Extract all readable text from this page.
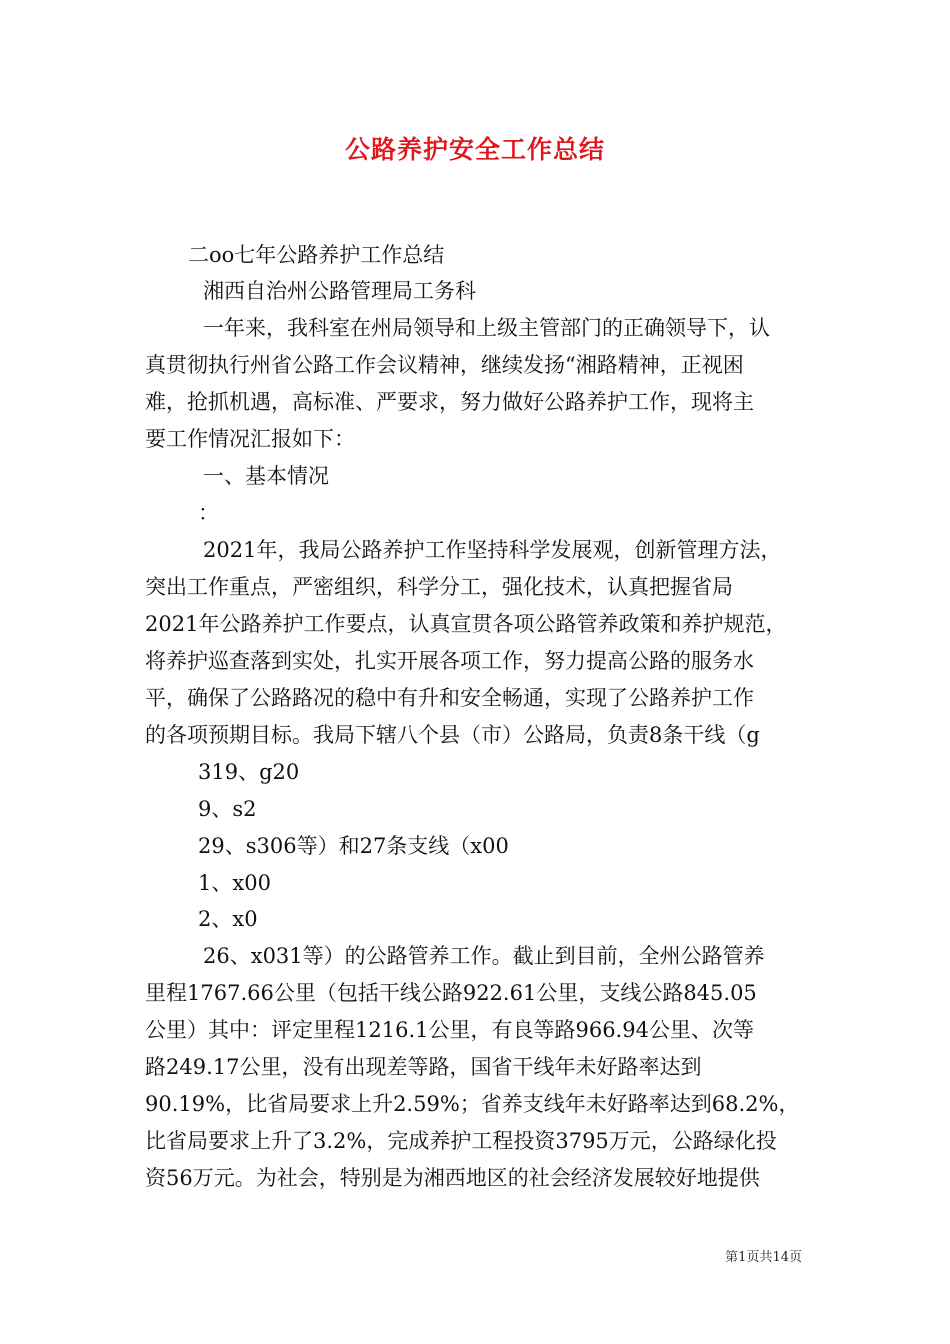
公路养护安全工作总结
二oo七年公路养护工作总结
湘西自治州公路管理局工务科
一年来，我科室在州局领导和上级主管部门的正确领导下，认
真贯彻执行州省公路工作会议精神，继续发扬“湘路精神，正视困
难，抢抓机遇，高标准、严要求，努力做好公路养护工作，现将主
要工作情况汇报如下：
一、基本情况
：
2021年，我局公路养护工作坚持科学发展观，创新管理方法，
突出工作重点，严密组织，科学分工，强化技术，认真把握省局
2021年公路养护工作要点，认真宣贯各项公路管养政策和养护规范，
将养护巡查落到实处，扎实开展各项工作，努力提高公路的服务水
平，确保了公路路况的稳中有升和安全畅通，实现了公路养护工作
的各项预期目标。我局下辖八个县（市）公路局，负责8条干线（g
319、g20
9、s2
29、s306等）和27条支线（x00
1、x00
2、x0
26、x031等）的公路管养工作。截止到目前，全州公路管养
里程1767.66公里（包括干线公路922.61公里，支线公路845.05
公里）其中：评定里程1216.1公里，有良等路966.94公里、次等
路249.17公里，没有出现差等路，国省干线年未好路率达到
90.19%，比省局要求上升2.59%；省养支线年未好路率达到68.2%，
比省局要求上升了3.2%，完成养护工程投资3795万元，公路绿化投
资56万元。为社会，特别是为湘西地区的社会经济发展较好地提供
第1页共14页
